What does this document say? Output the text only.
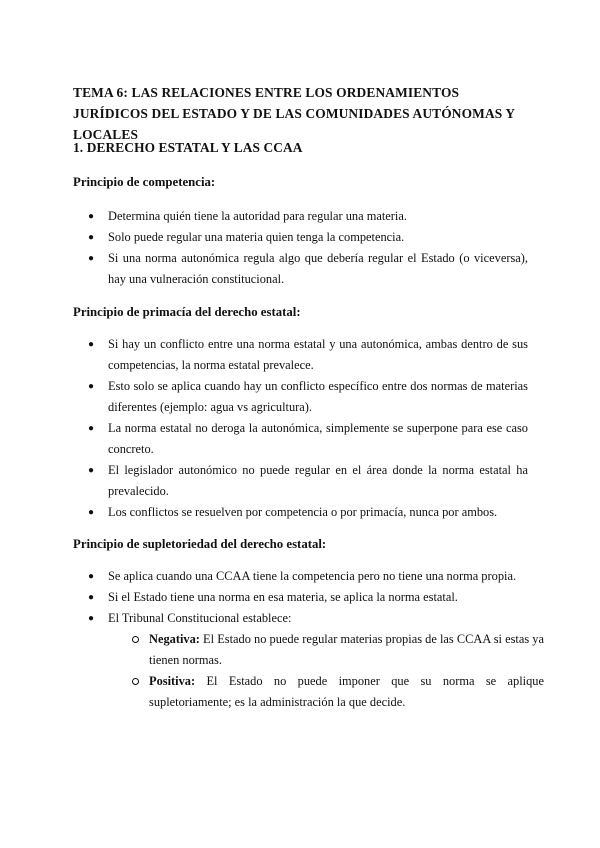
TEMA 6: LAS RELACIONES ENTRE LOS ORDENAMIENTOS JURÍDICOS DEL ESTADO Y DE LAS COMUNIDADES AUTÓNOMAS Y LOCALES
1. DERECHO ESTATAL Y LAS CCAA
Principio de competencia:
● Determina quién tiene la autoridad para regular una materia.
● Solo puede regular una materia quien tenga la competencia.
● Si una norma autonómica regula algo que debería regular el Estado (o viceversa), hay una vulneración constitucional.
Principio de primacía del derecho estatal:
● Si hay un conflicto entre una norma estatal y una autonómica, ambas dentro de sus competencias, la norma estatal prevalece.
● Esto solo se aplica cuando hay un conflicto específico entre dos normas de materias diferentes (ejemplo: agua vs agricultura).
● La norma estatal no deroga la autonómica, simplemente se superpone para ese caso concreto.
● El legislador autonómico no puede regular en el área donde la norma estatal ha prevalecido.
● Los conflictos se resuelven por competencia o por primacía, nunca por ambos.
Principio de supletoriedad del derecho estatal:
● Se aplica cuando una CCAA tiene la competencia pero no tiene una norma propia.
● Si el Estado tiene una norma en esa materia, se aplica la norma estatal.
● El Tribunal Constitucional establece:
Negativa: El Estado no puede regular materias propias de las CCAA si estas ya tienen normas.
Positiva: El Estado no puede imponer que su norma se aplique supletoriamente; es la administración la que decide.
